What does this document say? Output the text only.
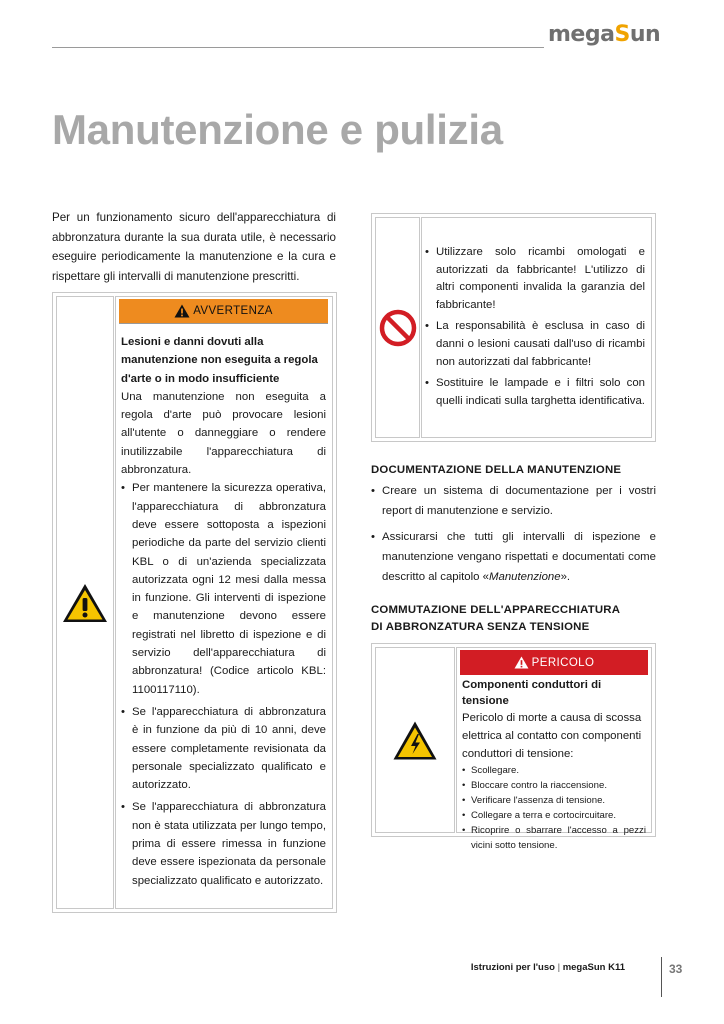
megaSun
Manutenzione e pulizia

Per un funzionamento sicuro dell'apparecchiatura di abbronzatura durante la sua durata utile, è necessario eseguire periodicamente la manutenzione e la cura e rispettare gli intervalli di manutenzione prescritti.

AVVERTENZA
Lesioni e danni dovuti alla manutenzione non eseguita a regola d'arte o in modo insufficiente
Una manutenzione non eseguita a regola d'arte può provocare lesioni all'utente o danneggiare o rendere inutilizzabile l'apparecchiatura di abbronzatura.
• Per mantenere la sicurezza operativa, l'apparecchiatura di abbronzatura deve essere sottoposta a ispezioni periodiche da parte del servizio clienti KBL o di un'azienda specializzata autorizzata ogni 12 mesi dalla messa in funzione. Gli interventi di ispezione e manutenzione devono essere registrati nel libretto di ispezione e di servizio dell'apparecchiatura di abbronzatura! (Codice articolo KBL: 1100117110).
• Se l'apparecchiatura di abbronzatura è in funzione da più di 10 anni, deve essere completamente revisionata da personale specializzato qualificato e autorizzato.
• Se l'apparecchiatura di abbronzatura non è stata utilizzata per lungo tempo, prima di essere rimessa in funzione deve essere ispezionata da personale specializzato qualificato e autorizzato.
• Utilizzare solo ricambi omologati e autorizzati da fabbricante! L'utilizzo di altri componenti invalida la garanzia del fabbricante!
• La responsabilità è esclusa in caso di danni o lesioni causati dall'uso di ricambi non autorizzati dal fabbricante!
• Sostituire le lampade e i filtri solo con quelli indicati sulla targhetta identificativa.
DOCUMENTAZIONE DELLA MANUTENZIONE
• Creare un sistema di documentazione per i vostri report di manutenzione e servizio.
• Assicurarsi che tutti gli intervalli di ispezione e manutenzione vengano rispettati e documentati come descritto al capitolo «Manutenzione».
COMMUTAZIONE DELL'APPARECCHIATURA
DI ABBRONZATURA SENZA TENSIONE
PERICOLO
Componenti conduttori di tensione
Pericolo di morte a causa di scossa elettrica al contatto con componenti conduttori di tensione:
• Scollegare.
• Bloccare contro la riaccensione.
• Verificare l'assenza di tensione.
• Collegare a terra e cortocircuitare.
• Ricoprire o sbarrare l'accesso a pezzi vicini sotto tensione.
Istruzioni per l'uso | megaSun K11	33
